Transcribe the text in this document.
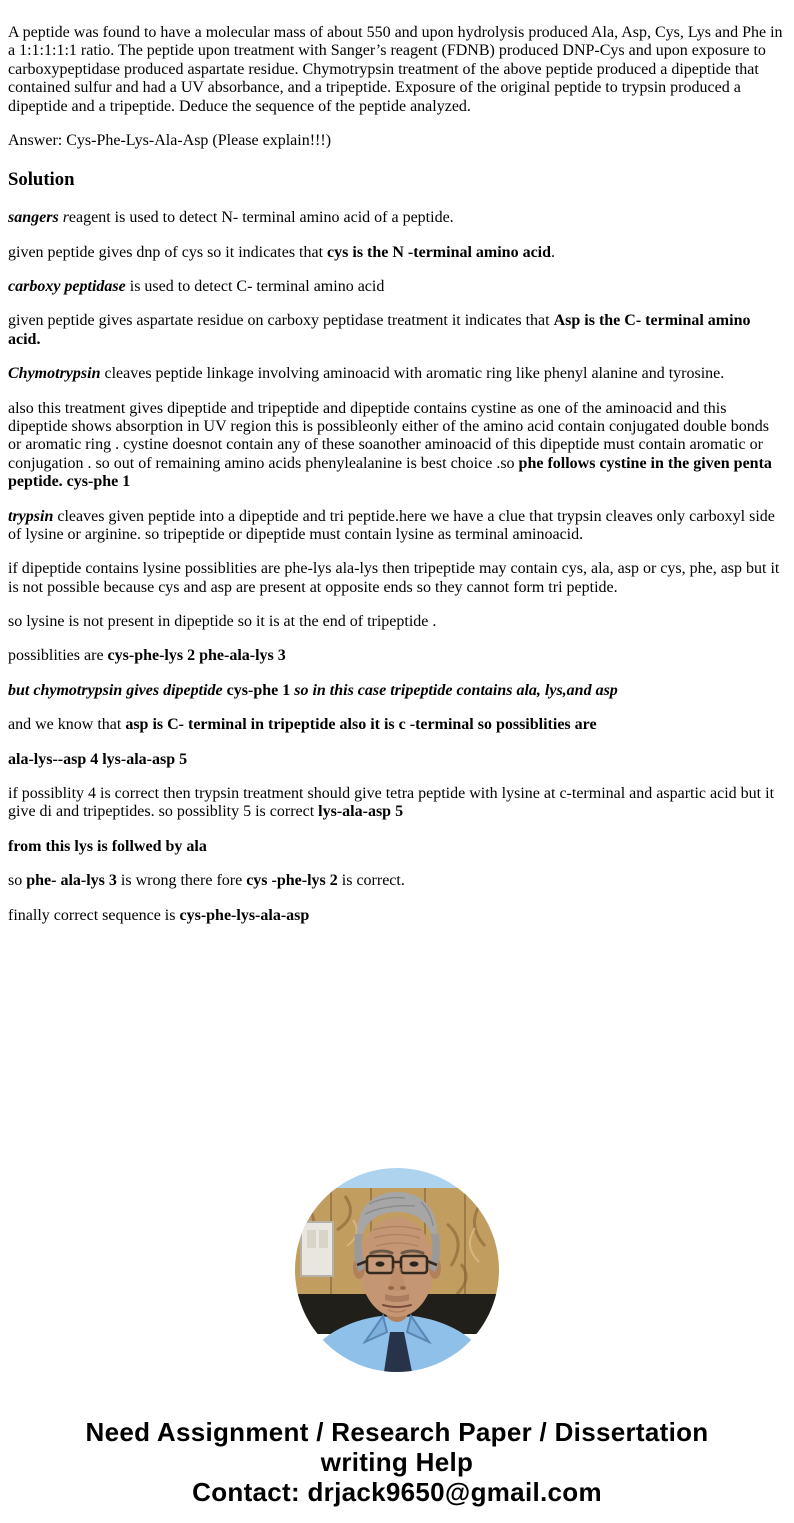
A peptide was found to have a molecular mass of about 550 and upon hydrolysis produced Ala, Asp, Cys, Lys and Phe in a 1:1:1:1:1 ratio. The peptide upon treatment with Sanger’s reagent (FDNB) produced DNP-Cys and upon exposure to carboxypeptidase produced aspartate residue. Chymotrypsin treatment of the above peptide produced a dipeptide that contained sulfur and had a UV absorbance, and a tripeptide. Exposure of the original peptide to trypsin produced a dipeptide and a tripeptide. Deduce the sequence of the peptide analyzed.

Answer: Cys-Phe-Lys-Ala-Asp (Please explain!!!)

Solution

sangers reagent is used to detect N- terminal amino acid of a peptide.

given peptide gives dnp of cys so it indicates that cys is the N -terminal amino acid.

carboxy peptidase is used to detect C- terminal amino acid

given peptide gives aspartate residue on carboxy peptidase treatment it indicates that Asp is the C- terminal amino acid.

Chymotrypsin cleaves peptide linkage involving aminoacid with aromatic ring like phenyl alanine and tyrosine.

also this treatment gives dipeptide and tripeptide and dipeptide contains cystine as one of the aminoacid and this dipeptide shows absorption in UV region this is possibleonly either of the amino acid contain conjugated double bonds or aromatic ring . cystine doesnot contain any of these soanother aminoacid of this dipeptide must contain aromatic or conjugation . so out of remaining amino acids phenylealanine is best choice .so phe follows cystine in the given penta peptide. cys-phe 1

trypsin cleaves given peptide into a dipeptide and tri peptide.here we have a clue that trypsin cleaves only carboxyl side of lysine or arginine. so tripeptide or dipeptide must contain lysine as terminal aminoacid.

if dipeptide contains lysine possiblities are phe-lys ala-lys then tripeptide may contain cys, ala, asp or cys, phe, asp but it is not possible because cys and asp are present at opposite ends so they cannot form tri peptide.

so lysine is not present in dipeptide so it is at the end of tripeptide .

possiblities are cys-phe-lys 2 phe-ala-lys 3

but chymotrypsin gives dipeptide cys-phe 1 so in this case tripeptide contains ala, lys,and asp

and we know that asp is C- terminal in tripeptide also it is c -terminal so possiblities are

ala-lys--asp 4 lys-ala-asp 5

if possiblity 4 is correct then trypsin treatment should give tetra peptide with lysine at c-terminal and aspartic acid but it give di and tripeptides. so possiblity 5 is correct lys-ala-asp 5

from this lys is follwed by ala

so phe- ala-lys 3 is wrong there fore cys -phe-lys 2 is correct.

finally correct sequence is cys-phe-lys-ala-asp

Need Assignment / Research Paper / Dissertation
writing Help
Contact: drjack9650@gmail.com
